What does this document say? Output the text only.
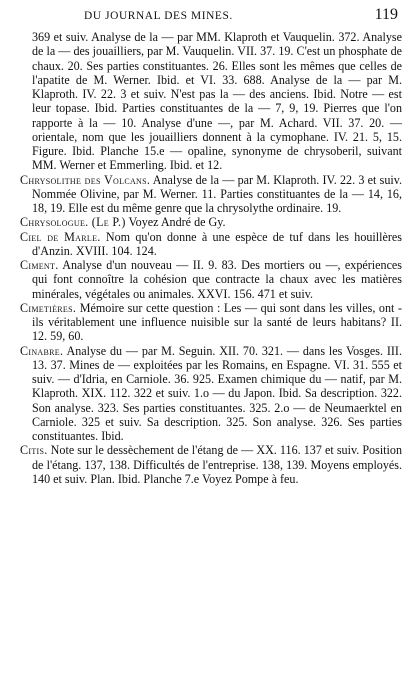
DU JOURNAL DES MINES.	119

369 et suiv. Analyse de la — par MM. Klaproth et Vauquelin. 372. Analyse de la — des jouailliers, par M. Vauquelin. VII. 37. 19. C'est un phosphate de chaux. 20. Ses parties constituantes. 26. Elles sont les mêmes que celles de l'apatite de M. Werner. Ibid. et VI. 33. 688. Analyse de la — par M. Klaproth. IV. 22. 3 et suiv. N'est pas la — des anciens. Ibid. Notre — est leur topase. Ibid. Parties constituantes de la — 7, 9, 19. Pierres que l'on rapporte à la — 10. Analyse d'une —, par M. Achard. VII. 37. 20. — orientale, nom que les jouailliers donnent à la cymophane. IV. 21. 5, 15. Figure. Ibid. Planche 15.e — opaline, synonyme de chrysoberil, suivant MM. Werner et Emmerling. Ibid. et 12.

Chrysolithe des Volcans. Analyse de la — par M. Klaproth. IV. 22. 3 et suiv. Nommée Olivine, par M. Werner. 11. Parties constituantes de la — 14, 16, 18, 19. Elle est du même genre que la chrysolythe ordinaire. 19.

Chrysologue. (Le P.) Voyez André de Gy.

Ciel de Marle. Nom qu'on donne à une espèce de tuf dans les houillères d'Anzin. XVIII. 104. 124.

Ciment. Analyse d'un nouveau — II. 9. 83. Des mortiers ou —, expériences qui font connoître la cohésion que contracte la chaux avec les matières minérales, végétales ou animales. XXVI. 156. 471 et suiv.

Cimetières. Mémoire sur cette question : Les — qui sont dans les villes, ont - ils véritablement une influence nuisible sur la santé de leurs habitans? II. 12. 59, 60.

Cinabre. Analyse du — par M. Seguin. XII. 70. 321. — dans les Vosges. III. 13. 37. Mines de — exploitées par les Romains, en Espagne. VI. 31. 555 et suiv. — d'Idria, en Carniole. 36. 925. Examen chimique du — natif, par M. Klaproth. XIX. 112. 322 et suiv. 1.o — du Japon. Ibid. Sa description. 322. Son analyse. 323. Ses parties constituantes. 325. 2.o — de Neumaerktel en Carniole. 325 et suiv. Sa description. 325. Son analyse. 326. Ses parties constituantes. Ibid.

Citis. Note sur le dessèchement de l'étang de — XX. 116. 137 et suiv. Position de l'étang. 137, 138. Difficultés de l'entreprise. 138, 139. Moyens employés. 140 et suiv. Plan. Ibid. Planche 7.e Voyez Pompe à feu.
